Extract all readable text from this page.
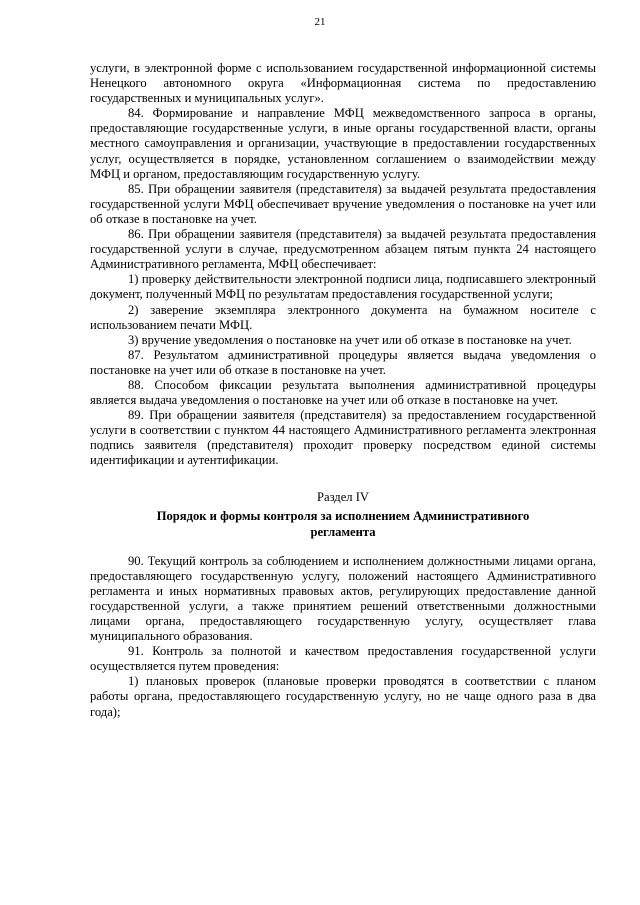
21

услуги, в электронной форме с использованием государственной информационной системы Ненецкого автономного округа «Информационная система по предоставлению государственных и муниципальных услуг».

84. Формирование и направление МФЦ межведомственного запроса в органы, предоставляющие государственные услуги, в иные органы государственной власти, органы местного самоуправления и организации, участвующие в предоставлении государственных услуг, осуществляется в порядке, установленном соглашением о взаимодействии между МФЦ и органом, предоставляющим государственную услугу.

85. При обращении заявителя (представителя) за выдачей результата предоставления государственной услуги МФЦ обеспечивает вручение уведомления о постановке на учет или об отказе в постановке на учет.

86. При обращении заявителя (представителя) за выдачей результата предоставления государственной услуги в случае, предусмотренном абзацем пятым пункта 24 настоящего Административного регламента, МФЦ обеспечивает:

1) проверку действительности электронной подписи лица, подписавшего электронный документ, полученный МФЦ по результатам предоставления государственной услуги;

2) заверение экземпляра электронного документа на бумажном носителе с использованием печати МФЦ.

3) вручение уведомления о постановке на учет или об отказе в постановке на учет.

87. Результатом административной процедуры является выдача уведомления о постановке на учет или об отказе в постановке на учет.

88. Способом фиксации результата выполнения административной процедуры является выдача уведомления о постановке на учет или об отказе в постановке на учет.

89. При обращении заявителя (представителя) за предоставлением государственной услуги в соответствии с пунктом 44 настоящего Административного регламента электронная подпись заявителя (представителя) проходит проверку посредством единой системы идентификации и аутентификации.

Раздел IV
Порядок и формы контроля за исполнением Административного регламента

90. Текущий контроль за соблюдением и исполнением должностными лицами органа, предоставляющего государственную услугу, положений настоящего Административного регламента и иных нормативных правовых актов, регулирующих предоставление данной государственной услуги, а также принятием решений ответственными должностными лицами органа, предоставляющего государственную услугу, осуществляет глава муниципального образования.

91. Контроль за полнотой и качеством предоставления государственной услуги осуществляется путем проведения:

1) плановых проверок (плановые проверки проводятся в соответствии с планом работы органа, предоставляющего государственную услугу, но не чаще одного раза в два года);
